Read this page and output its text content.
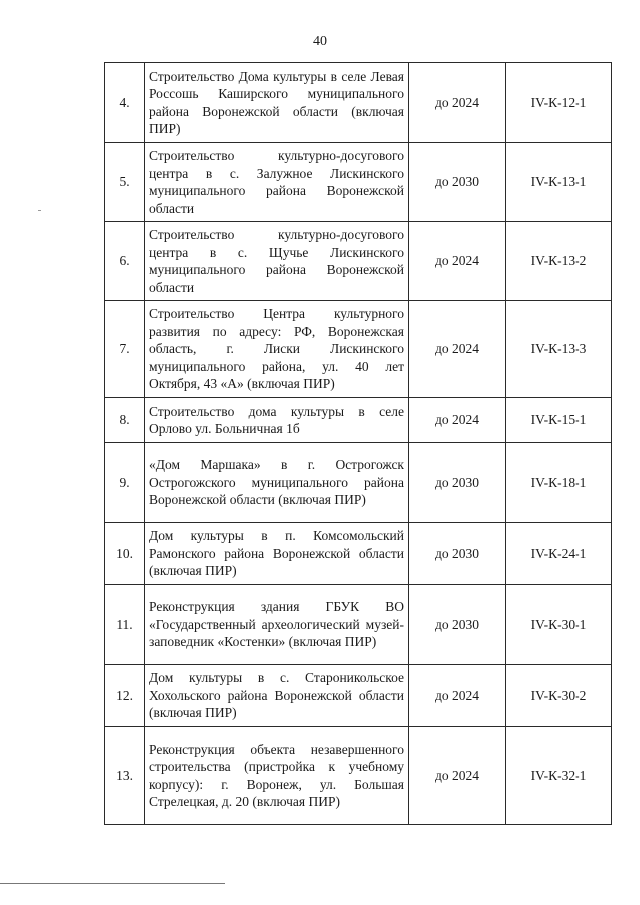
40
4.	Строительство Дома культуры в селе Левая Россошь Каширского муниципального района Воронежской области (включая ПИР)	до 2024	IV-К-12-1
5.	Строительство культурно-досугового центра в с. Залужное Лискинского муниципального района Воронежской области	до 2030	IV-К-13-1
6.	Строительство культурно-досугового центра в с. Щучье Лискинского муниципального района Воронежской области	до 2024	IV-К-13-2
7.	Строительство Центра культурного развития по адресу: РФ, Воронежская область, г. Лиски Лискинского муниципального района, ул. 40 лет Октября, 43 «А» (включая ПИР)	до 2024	IV-К-13-3
8.	Строительство дома культуры в селе Орлово ул. Больничная 1б	до 2024	IV-К-15-1
9.	«Дом Маршака» в г. Острогожск Острогожского муниципального района Воронежской области (включая ПИР)	до 2030	IV-К-18-1
10.	Дом культуры в п. Комсомольский Рамонского района Воронежской области (включая ПИР)	до 2030	IV-К-24-1
11.	Реконструкция здания ГБУК ВО «Государственный археологический музей-заповедник «Костенки» (включая ПИР)	до 2030	IV-К-30-1
12.	Дом культуры в с. Староникольское Хохольского района Воронежской области (включая ПИР)	до 2024	IV-К-30-2
13.	Реконструкция объекта незавершенного строительства (пристройка к учебному корпусу): г. Воронеж, ул. Большая Стрелецкая, д. 20 (включая ПИР)	до 2024	IV-К-32-1
